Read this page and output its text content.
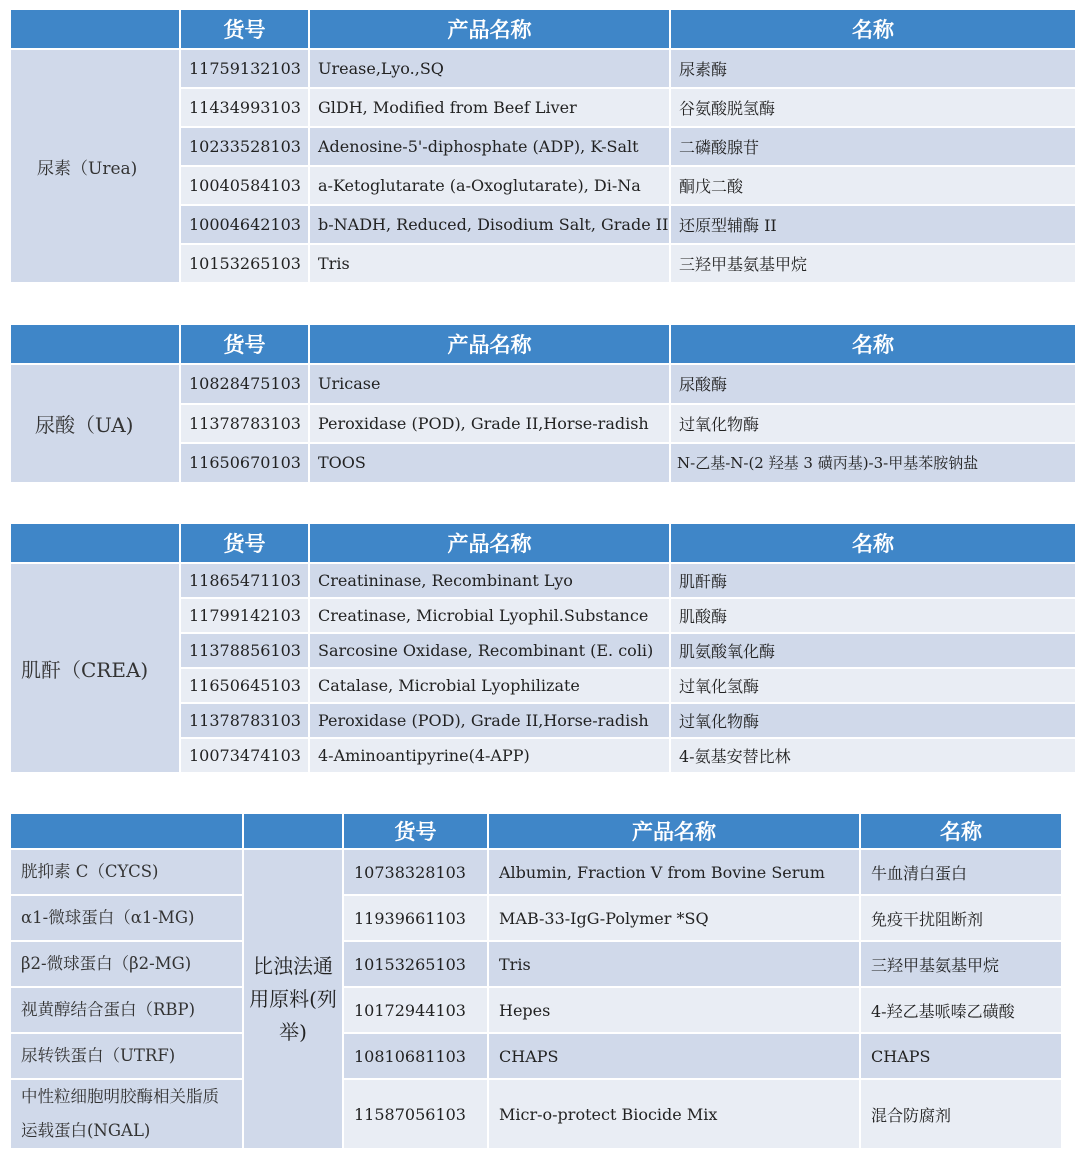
	货号	产品名称	名称
尿素（Urea)	11759132103	Urease,Lyo.,SQ	尿素酶
	11434993103	GlDH, Modified from Beef Liver	谷氨酸脱氢酶
	10233528103	Adenosine-5'-diphosphate (ADP), K-Salt	二磷酸腺苷
	10040584103	a-Ketoglutarate (a-Oxoglutarate), Di-Na	酮戊二酸
	10004642103	b-NADH, Reduced, Disodium Salt, Grade II	还原型辅酶 II
	10153265103	Tris	三羟甲基氨基甲烷
	货号	产品名称	名称
尿酸（UA)	10828475103	Uricase	尿酸酶
	11378783103	Peroxidase (POD), Grade II,Horse-radish	过氧化物酶
	11650670103	TOOS	N-乙基-N-(2 羟基 3 磺丙基)-3-甲基苯胺钠盐
	货号	产品名称	名称
肌酐（CREA)	11865471103	Creatininase, Recombinant Lyo	肌酐酶
	11799142103	Creatinase, Microbial Lyophil.Substance	肌酸酶
	11378856103	Sarcosine Oxidase, Recombinant (E. coli)	肌氨酸氧化酶
	11650645103	Catalase, Microbial Lyophilizate	过氧化氢酶
	11378783103	Peroxidase (POD), Grade II,Horse-radish	过氧化物酶
	10073474103	4-Aminoantipyrine(4-APP)	4-氨基安替比林
		货号	产品名称	名称
胱抑素 C（CYCS)	比浊法通用原料(列举)	10738328103	Albumin, Fraction V from Bovine Serum	牛血清白蛋白
α1-微球蛋白（α1-MG)		11939661103	MAB-33-IgG-Polymer *SQ	免疫干扰阻断剂
β2-微球蛋白（β2-MG)		10153265103	Tris	三羟甲基氨基甲烷
视黄醇结合蛋白（RBP)		10172944103	Hepes	4-羟乙基哌嗪乙磺酸
尿转铁蛋白（UTRF)		10810681103	CHAPS	CHAPS
中性粒细胞明胶酶相关脂质运载蛋白(NGAL)		11587056103	Micr-o-protect Biocide Mix	混合防腐剂
